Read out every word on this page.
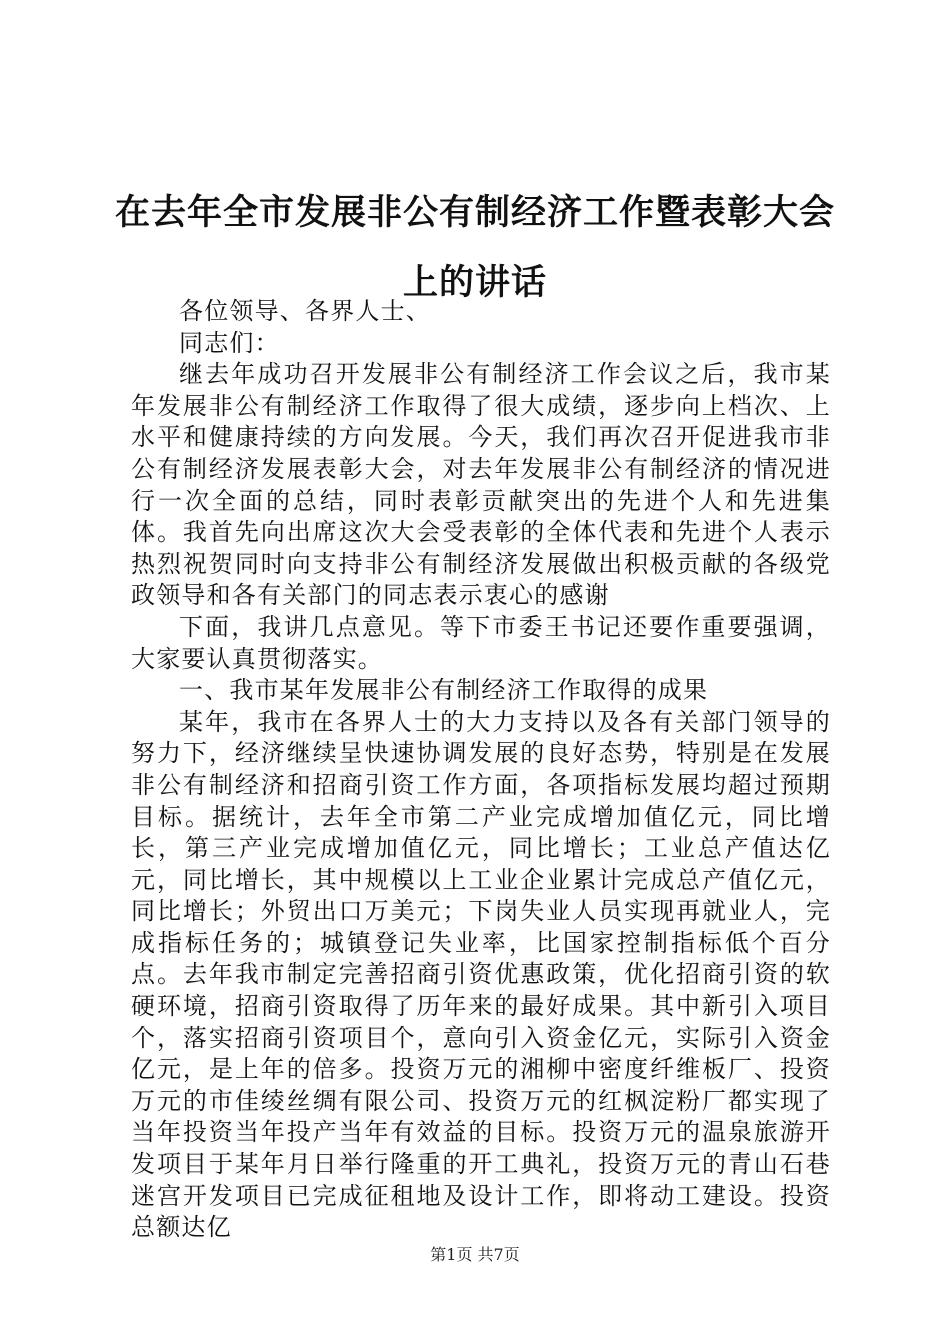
在去年全市发展非公有制经济工作暨表彰大会上的讲话

各位领导、各界人士、

同志们：

继去年成功召开发展非公有制经济工作会议之后，我市某年发展非公有制经济工作取得了很大成绩，逐步向上档次、上水平和健康持续的方向发展。今天，我们再次召开促进我市非公有制经济发展表彰大会，对去年发展非公有制经济的情况进行一次全面的总结，同时表彰贡献突出的先进个人和先进集体。我首先向出席这次大会受表彰的全体代表和先进个人表示热烈祝贺同时向支持非公有制经济发展做出积极贡献的各级党政领导和各有关部门的同志表示衷心的感谢

下面，我讲几点意见。等下市委王书记还要作重要强调，大家要认真贯彻落实。

一、我市某年发展非公有制经济工作取得的成果

某年，我市在各界人士的大力支持以及各有关部门领导的努力下，经济继续呈快速协调发展的良好态势，特别是在发展非公有制经济和招商引资工作方面，各项指标发展均超过预期目标。据统计，去年全市第二产业完成增加值亿元，同比增长，第三产业完成增加值亿元，同比增长；工业总产值达亿元，同比增长，其中规模以上工业企业累计完成总产值亿元，同比增长；外贸出口万美元；下岗失业人员实现再就业人，完成指标任务的；城镇登记失业率，比国家控制指标低个百分点。去年我市制定完善招商引资优惠政策，优化招商引资的软硬环境，招商引资取得了历年来的最好成果。其中新引入项目个，落实招商引资项目个，意向引入资金亿元，实际引入资金亿元，是上年的倍多。投资万元的湘柳中密度纤维板厂、投资万元的市佳绫丝绸有限公司、投资万元的红枫淀粉厂都实现了当年投资当年投产当年有效益的目标。投资万元的温泉旅游开发项目于某年月日举行隆重的开工典礼，投资万元的青山石巷迷宫开发项目已完成征租地及设计工作，即将动工建设。投资总额达亿

第1页 共7页
